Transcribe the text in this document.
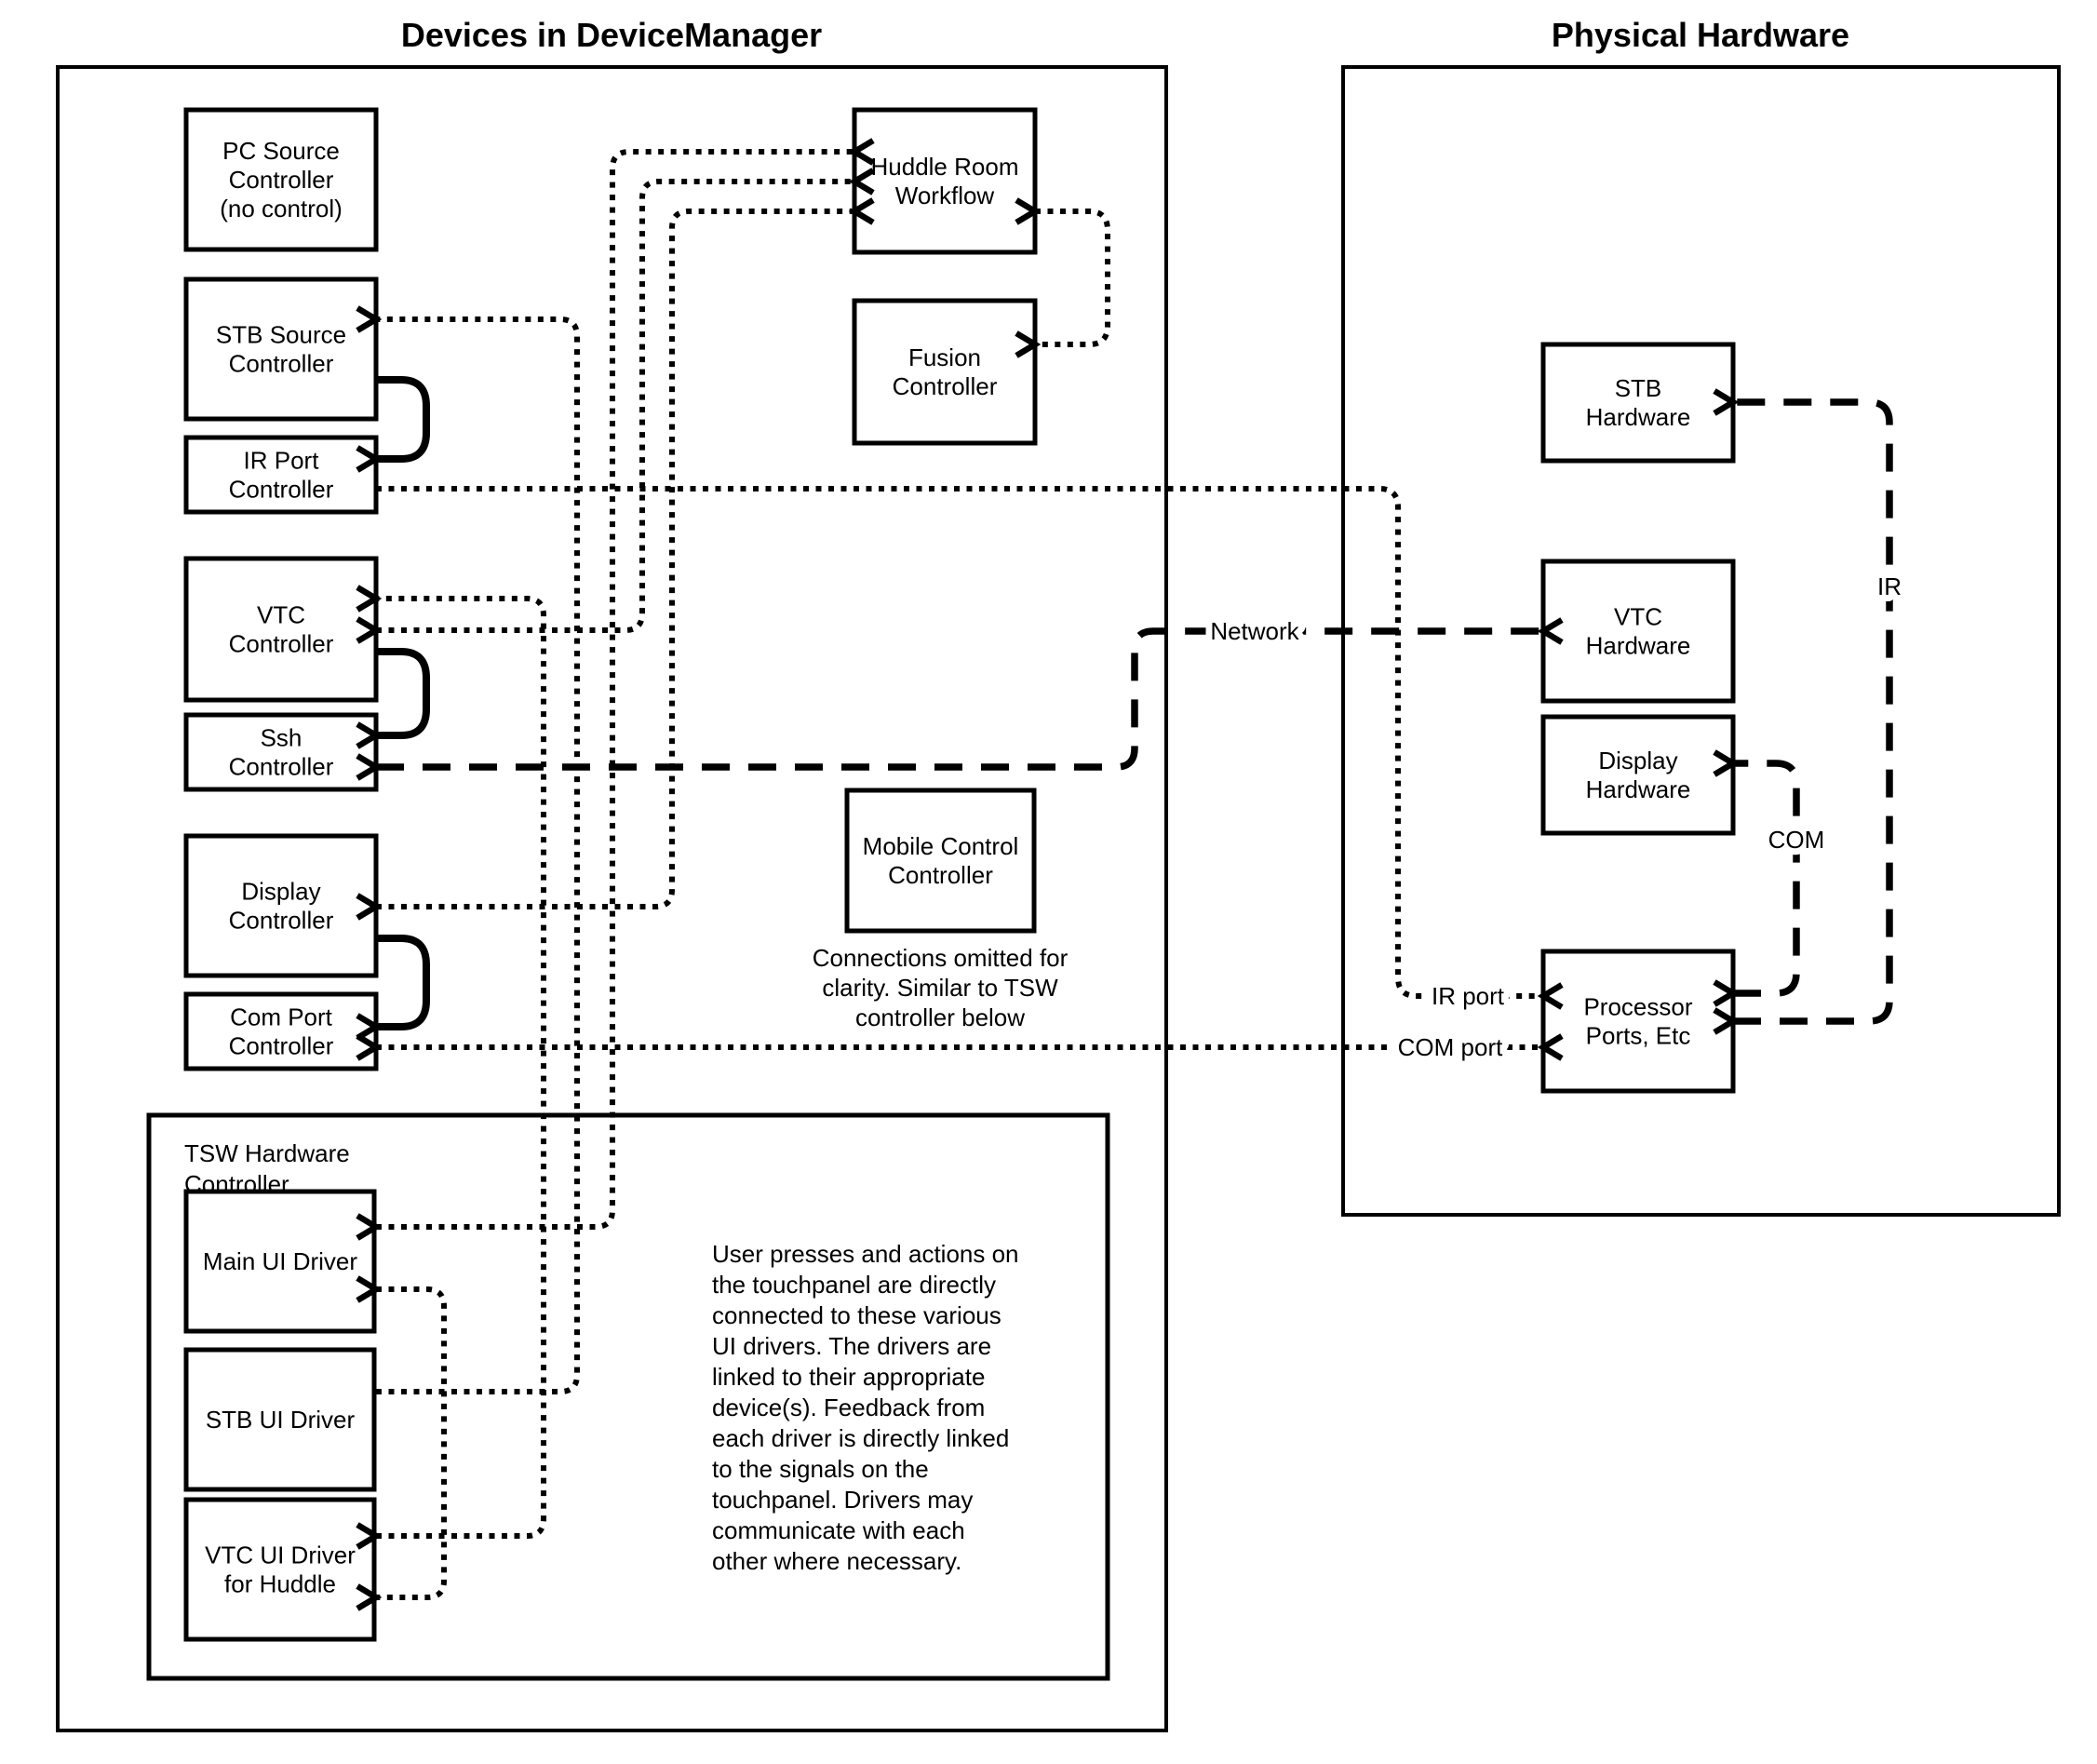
TSW Hardware Controller
Devices in DeviceManager	Physical Hardware
PC Source Controller (no control)
STB Source Controller
IR Port Controller
VTC Controller
Ssh Controller
Display Controller
Com Port Controller
Huddle Room Workflow
Fusion Controller
Mobile Control Controller
Main UI Driver
STB UI Driver
VTC UI Driver for Huddle
STB Hardware
VTC Hardware
Display Hardware
Processor Ports, Etc
Network
IR port
COM port
IR
COM
Connections omitted for clarity. Similar to TSW controller below
User presses and actions on the touchpanel are directly connected to these various UI drivers. The drivers are linked to their appropriate device(s). Feedback from each driver is directly linked to the signals on the touchpanel. Drivers may communicate with each other where necessary.
